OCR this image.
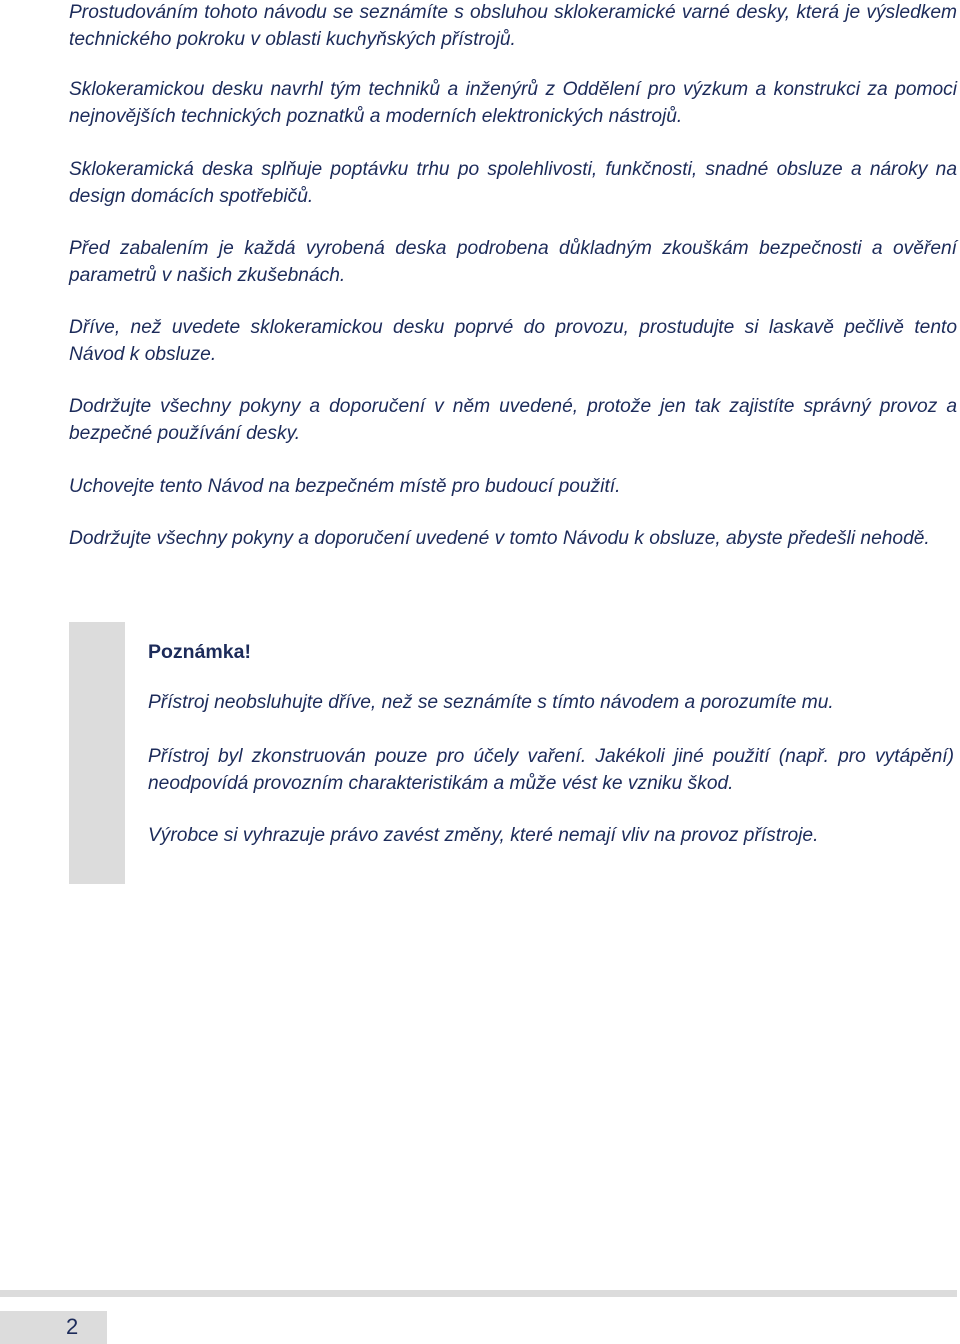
Prostudováním tohoto návodu se seznámíte s obsluhou sklokeramické varné desky, která je výsledkem technického pokroku v oblasti kuchyňských přístrojů.

Sklokeramickou desku navrhl tým techniků a inženýrů z Oddělení pro výzkum a konstrukci za pomoci nejnovějších technických poznatků a moderních elektronických nástrojů.

Sklokeramická deska splňuje poptávku trhu po spolehlivosti, funkčnosti, snadné obsluze a nároky na design domácích spotřebičů.

Před zabalením je každá vyrobená deska podrobena důkladným zkouškám bezpečnosti a ověření parametrů v našich zkušebnách.

Dříve, než uvedete sklokeramickou desku poprvé do provozu, prostudujte si laskavě pečlivě tento Návod k obsluze.

Dodržujte všechny pokyny a doporučení v něm uvedené, protože jen tak zajistíte správný provoz a bezpečné používání desky.

Uchovejte tento Návod na bezpečném místě pro budoucí použití.

Dodržujte všechny pokyny a doporučení uvedené v tomto Návodu k obsluze, abyste předešli nehodě.

Poznámka!

Přístroj neobsluhujte dříve, než se seznámíte s tímto návodem a porozumíte mu.

Přístroj byl zkonstruován pouze pro účely vaření. Jakékoli jiné použití (např. pro vytápění) neodpovídá provozním charakteristikám a může vést ke vzniku škod.

Výrobce si vyhrazuje právo zavést změny, které nemají vliv na provoz přístroje.

2
